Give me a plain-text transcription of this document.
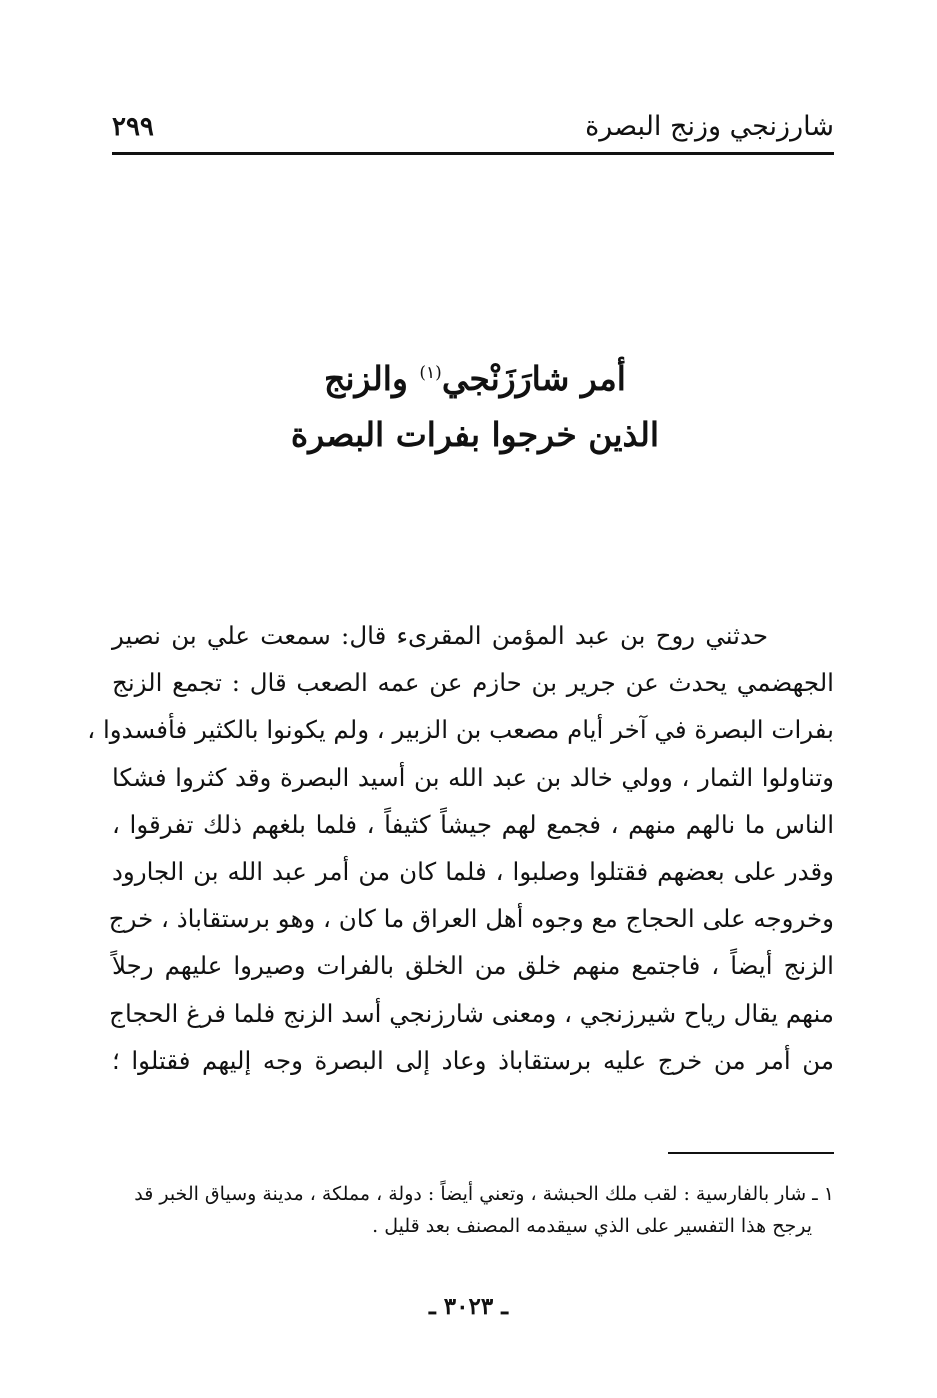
شارزنجي وزنج البصرة
٢٩٩
أمر شارَزَنْجي$^{(١)}$ والزنج
الذين خرجوا بفرات البصرة
حدثني روح بن عبد المؤمن المقرىء قال: سمعت علي بن نصير
الجهضمي يحدث عن جرير بن حازم عن عمه الصعب قال : تجمع الزنج
بفرات البصرة في آخر أيام مصعب بن الزبير ، ولم يكونوا بالكثير فأفسدوا ،
وتناولوا الثمار ، وولي خالد بن عبد الله بن أسيد البصرة وقد كثروا فشكا
الناس ما نالهم منهم ، فجمع لهم جيشاً كثيفاً ، فلما بلغهم ذلك تفرقوا ،
وقدر على بعضهم فقتلوا وصلبوا ، فلما كان من أمر عبد الله بن الجارود
وخروجه على الحجاج مع وجوه أهل العراق ما كان ، وهو برستقاباذ ، خرج
الزنج أيضاً ، فاجتمع منهم خلق من الخلق بالفرات وصيروا عليهم رجلاً
منهم يقال رياح شيرزنجي ، ومعنى شارزنجي أسد الزنج فلما فرغ الحجاج
من أمر من خرج عليه برستقاباذ وعاد إلى البصرة وجه إليهم فقتلوا ؛
١ ـ شار بالفارسية : لقب ملك الحبشة ، وتعني أيضاً : دولة ، مملكة ، مدينة وسياق الخبر قد
يرجح هذا التفسير على الذي سيقدمه المصنف بعد قليل .
ـ ٣٠٢٣ ـ
